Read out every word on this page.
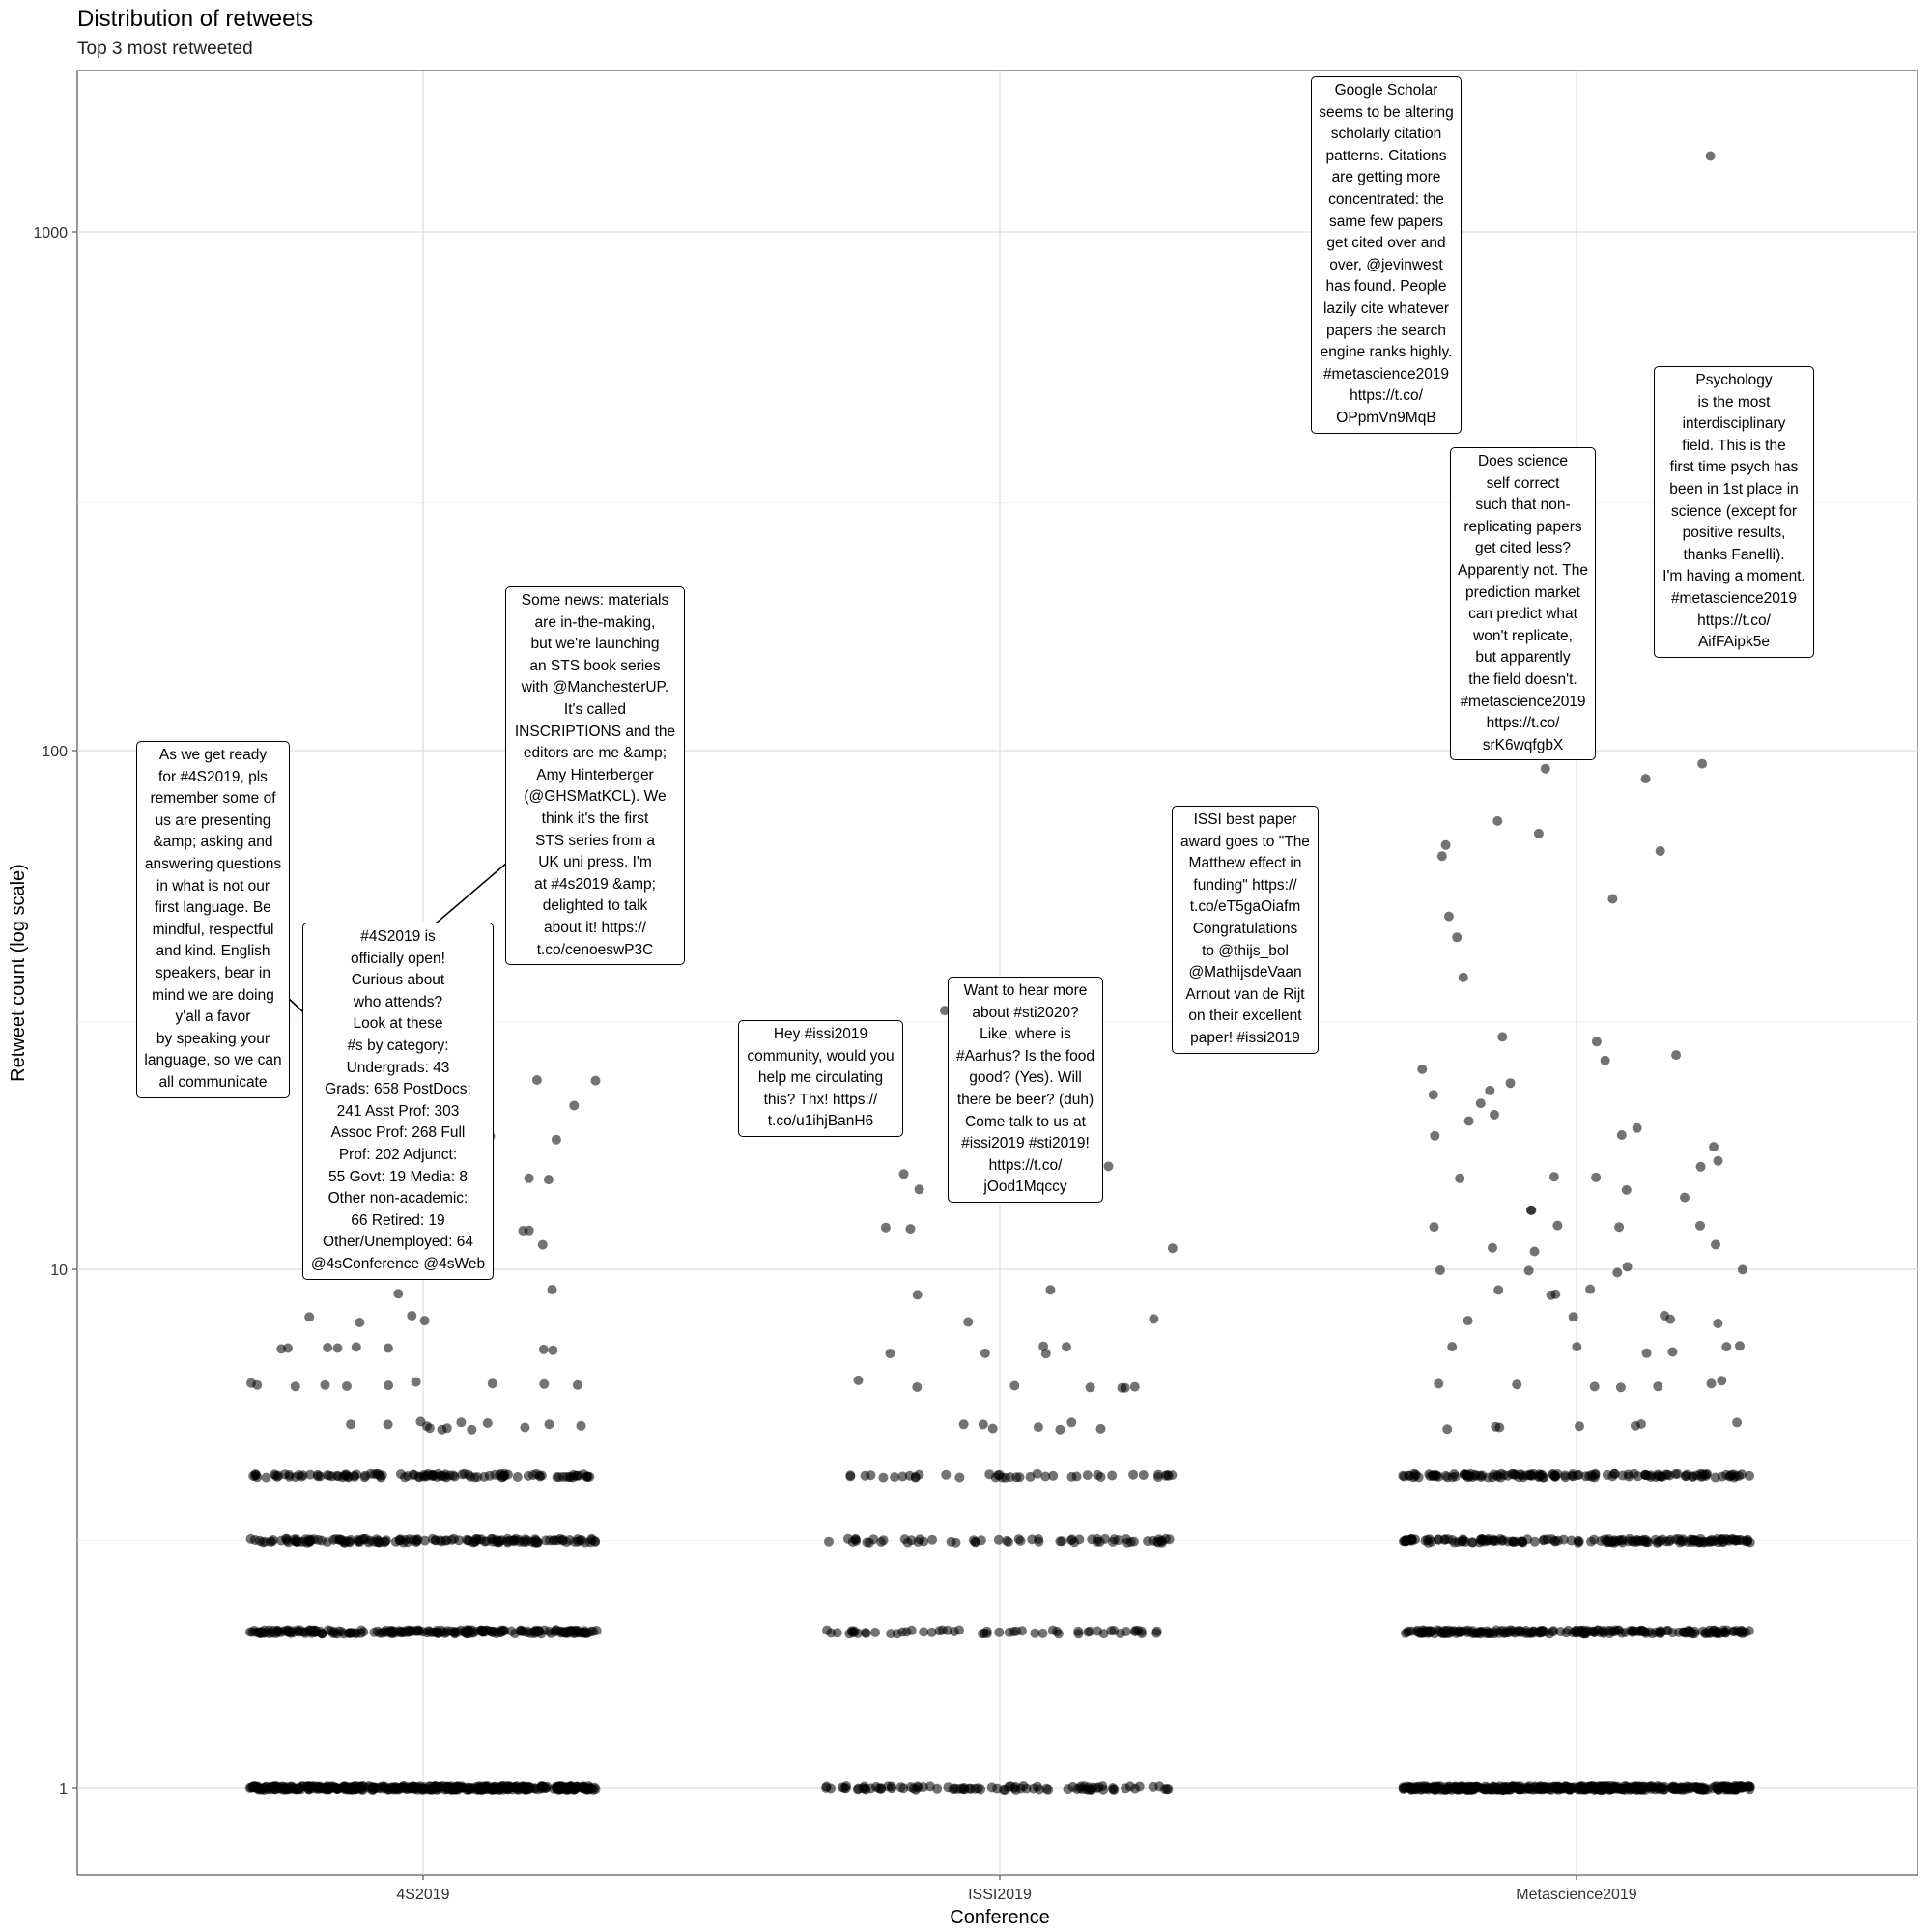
1
10
100
1000
4S2019	ISSI2019	Metascience2019
Conference
Retweet count (log scale)
Distribution of retweets
Top 3 most retweeted
As we get ready
for #4S2019, pls
remember some of
us are presenting
&amp; asking and
answering questions
in what is not our
first language. Be
mindful, respectful
and kind. English
speakers, bear in
mind we are doing
y'all a favor
by speaking your
language, so we can
all communicate
Some news: materials
are in-the-making,
but we're launching
an STS book series
with @ManchesterUP.
It's called
INSCRIPTIONS and the
editors are me &amp;
Amy Hinterberger
(@GHSMatKCL). We
think it's the first
STS series from a
UK uni press. I'm
at #4s2019 &amp;
delighted to talk
about it! https://
t.co/cenoeswP3C
#4S2019 is
officially open!
Curious about
who attends?
Look at these
#s by category:
Undergrads: 43
Grads: 658 PostDocs:
241 Asst Prof: 303
Assoc Prof: 268 Full
Prof: 202 Adjunct:
55 Govt: 19 Media: 8
Other non-academic:
66 Retired: 19
Other/Unemployed: 64
@4sConference @4sWeb
Hey #issi2019
community, would you
help me circulating
this? Thx! https://
t.co/u1ihjBanH6
Want to hear more
about #sti2020?
Like, where is
#Aarhus? Is the food
good? (Yes). Will
there be beer? (duh)
Come talk to us at
#issi2019 #sti2019!
https://t.co/
jOod1Mqccy
ISSI best paper
award goes to "The
Matthew effect in
funding" https://
t.co/eT5gaOiafm
Congratulations
to @thijs_bol
@MathijsdeVaan
Arnout van de Rijt
on their excellent
paper! #issi2019
Google Scholar
seems to be altering
scholarly citation
patterns. Citations
are getting more
concentrated: the
same few papers
get cited over and
over, @jevinwest
has found. People
lazily cite whatever
papers the search
engine ranks highly.
#metascience2019
https://t.co/
OPpmVn9MqB
Does science
self correct
such that non-
replicating papers
get cited less?
Apparently not. The
prediction market
can predict what
won't replicate,
but apparently
the field doesn't.
#metascience2019
https://t.co/
srK6wqfgbX
Psychology
is the most
interdisciplinary
field. This is the
first time psych has
been in 1st place in
science (except for
positive results,
thanks Fanelli).
I'm having a moment.
#metascience2019
https://t.co/
AifFAipk5e
